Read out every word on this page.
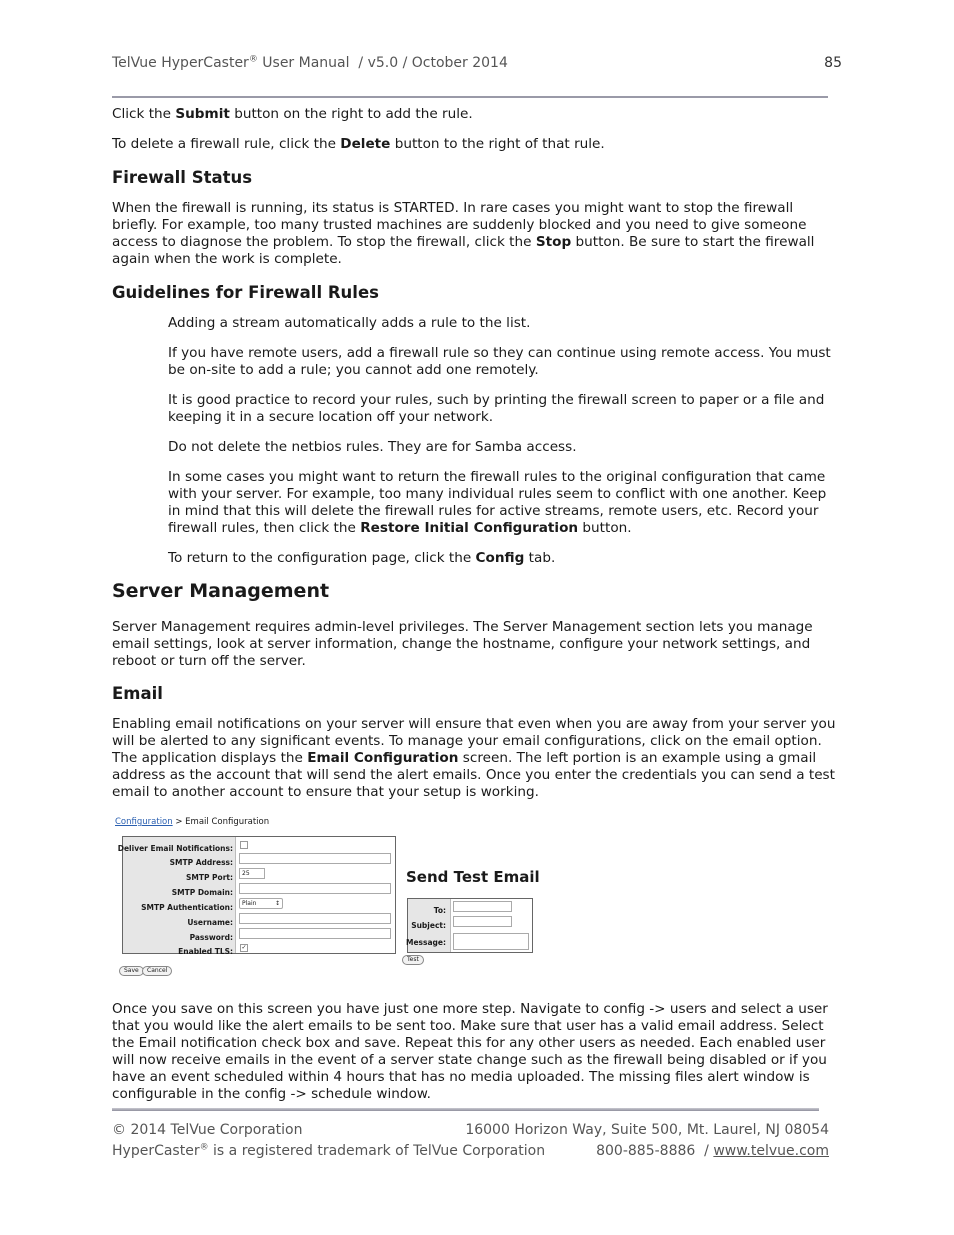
TelVue HyperCaster® User Manual  / v5.0 / October 2014	85

Click the Submit button on the right to add the rule.

To delete a firewall rule, click the Delete button to the right of that rule.

Firewall Status

When the firewall is running, its status is STARTED. In rare cases you might want to stop the firewall briefly. For example, too many trusted machines are suddenly blocked and you need to give someone access to diagnose the problem. To stop the firewall, click the Stop button. Be sure to start the firewall again when the work is complete.

Guidelines for Firewall Rules

Adding a stream automatically adds a rule to the list.

If you have remote users, add a firewall rule so they can continue using remote access. You must be on-site to add a rule; you cannot add one remotely.

It is good practice to record your rules, such by printing the firewall screen to paper or a file and keeping it in a secure location off your network.

Do not delete the netbios rules. They are for Samba access.

In some cases you might want to return the firewall rules to the original configuration that came with your server. For example, too many individual rules seem to conflict with one another. Keep in mind that this will delete the firewall rules for active streams, remote users, etc. Record your firewall rules, then click the Restore Initial Configuration button.

To return to the configuration page, click the Config tab.

Server Management

Server Management requires admin-level privileges. The Server Management section lets you manage email settings, look at server information, change the hostname, configure your network settings, and reboot or turn off the server.

Email

Enabling email notifications on your server will ensure that even when you are away from your server you will be alerted to any significant events. To manage your email configurations, click on the email option. The application displays the Email Configuration screen. The left portion is an example using a gmail address as the account that will send the alert emails. Once you enter the credentials you can send a test email to another account to ensure that your setup is working.

Configuration > Email Configuration
Deliver Email Notifications:
SMTP Address:
SMTP Port:	25
SMTP Domain:
SMTP Authentication:	Plain	↕
Username:
Password:
Enabled TLS: ✓
Save	Cancel
Send Test Email
To:
Subject:
Message:
Test

Once you save on this screen you have just one more step. Navigate to config -> users and select a user that you would like the alert emails to be sent too. Make sure that user has a valid email address. Select the Email notification check box and save. Repeat this for any other users as needed. Each enabled user will now receive emails in the event of a server state change such as the firewall being disabled or if you have an event scheduled within 4 hours that has no media uploaded. The missing files alert window is configurable in the config -> schedule window.

© 2014 TelVue Corporation	16000 Horizon Way, Suite 500, Mt. Laurel, NJ 08054
HyperCaster® is a registered trademark of TelVue Corporation	800-885-8886  / www.telvue.com
